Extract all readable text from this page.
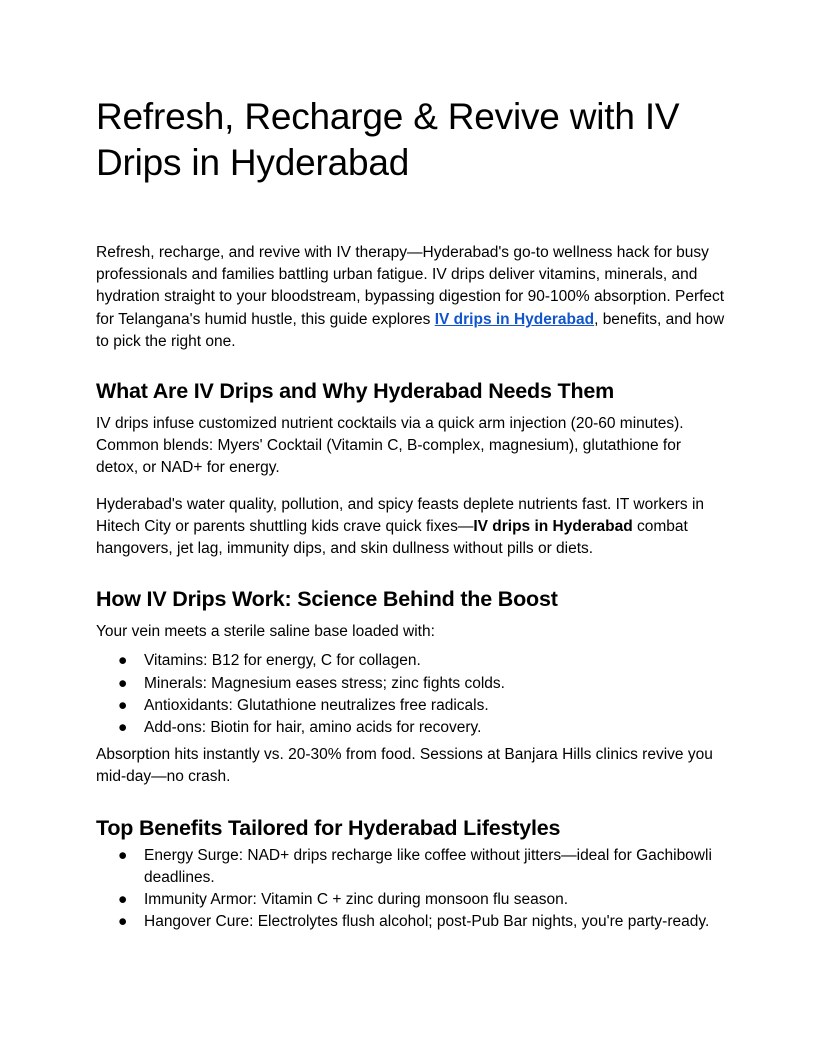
Refresh, Recharge & Revive with IV Drips in Hyderabad

Refresh, recharge, and revive with IV therapy—Hyderabad's go-to wellness hack for busy professionals and families battling urban fatigue. IV drips deliver vitamins, minerals, and hydration straight to your bloodstream, bypassing digestion for 90-100% absorption. Perfect for Telangana's humid hustle, this guide explores IV drips in Hyderabad, benefits, and how to pick the right one.

What Are IV Drips and Why Hyderabad Needs Them

IV drips infuse customized nutrient cocktails via a quick arm injection (20-60 minutes). Common blends: Myers' Cocktail (Vitamin C, B-complex, magnesium), glutathione for detox, or NAD+ for energy.

Hyderabad's water quality, pollution, and spicy feasts deplete nutrients fast. IT workers in Hitech City or parents shuttling kids crave quick fixes—IV drips in Hyderabad combat hangovers, jet lag, immunity dips, and skin dullness without pills or diets.

How IV Drips Work: Science Behind the Boost

Your vein meets a sterile saline base loaded with:

● Vitamins: B12 for energy, C for collagen.
● Minerals: Magnesium eases stress; zinc fights colds.
● Antioxidants: Glutathione neutralizes free radicals.
● Add-ons: Biotin for hair, amino acids for recovery.

Absorption hits instantly vs. 20-30% from food. Sessions at Banjara Hills clinics revive you mid-day—no crash.

Top Benefits Tailored for Hyderabad Lifestyles
● Energy Surge: NAD+ drips recharge like coffee without jitters—ideal for Gachibowli deadlines.
● Immunity Armor: Vitamin C + zinc during monsoon flu season.
● Hangover Cure: Electrolytes flush alcohol; post-Pub Bar nights, you're party-ready.
